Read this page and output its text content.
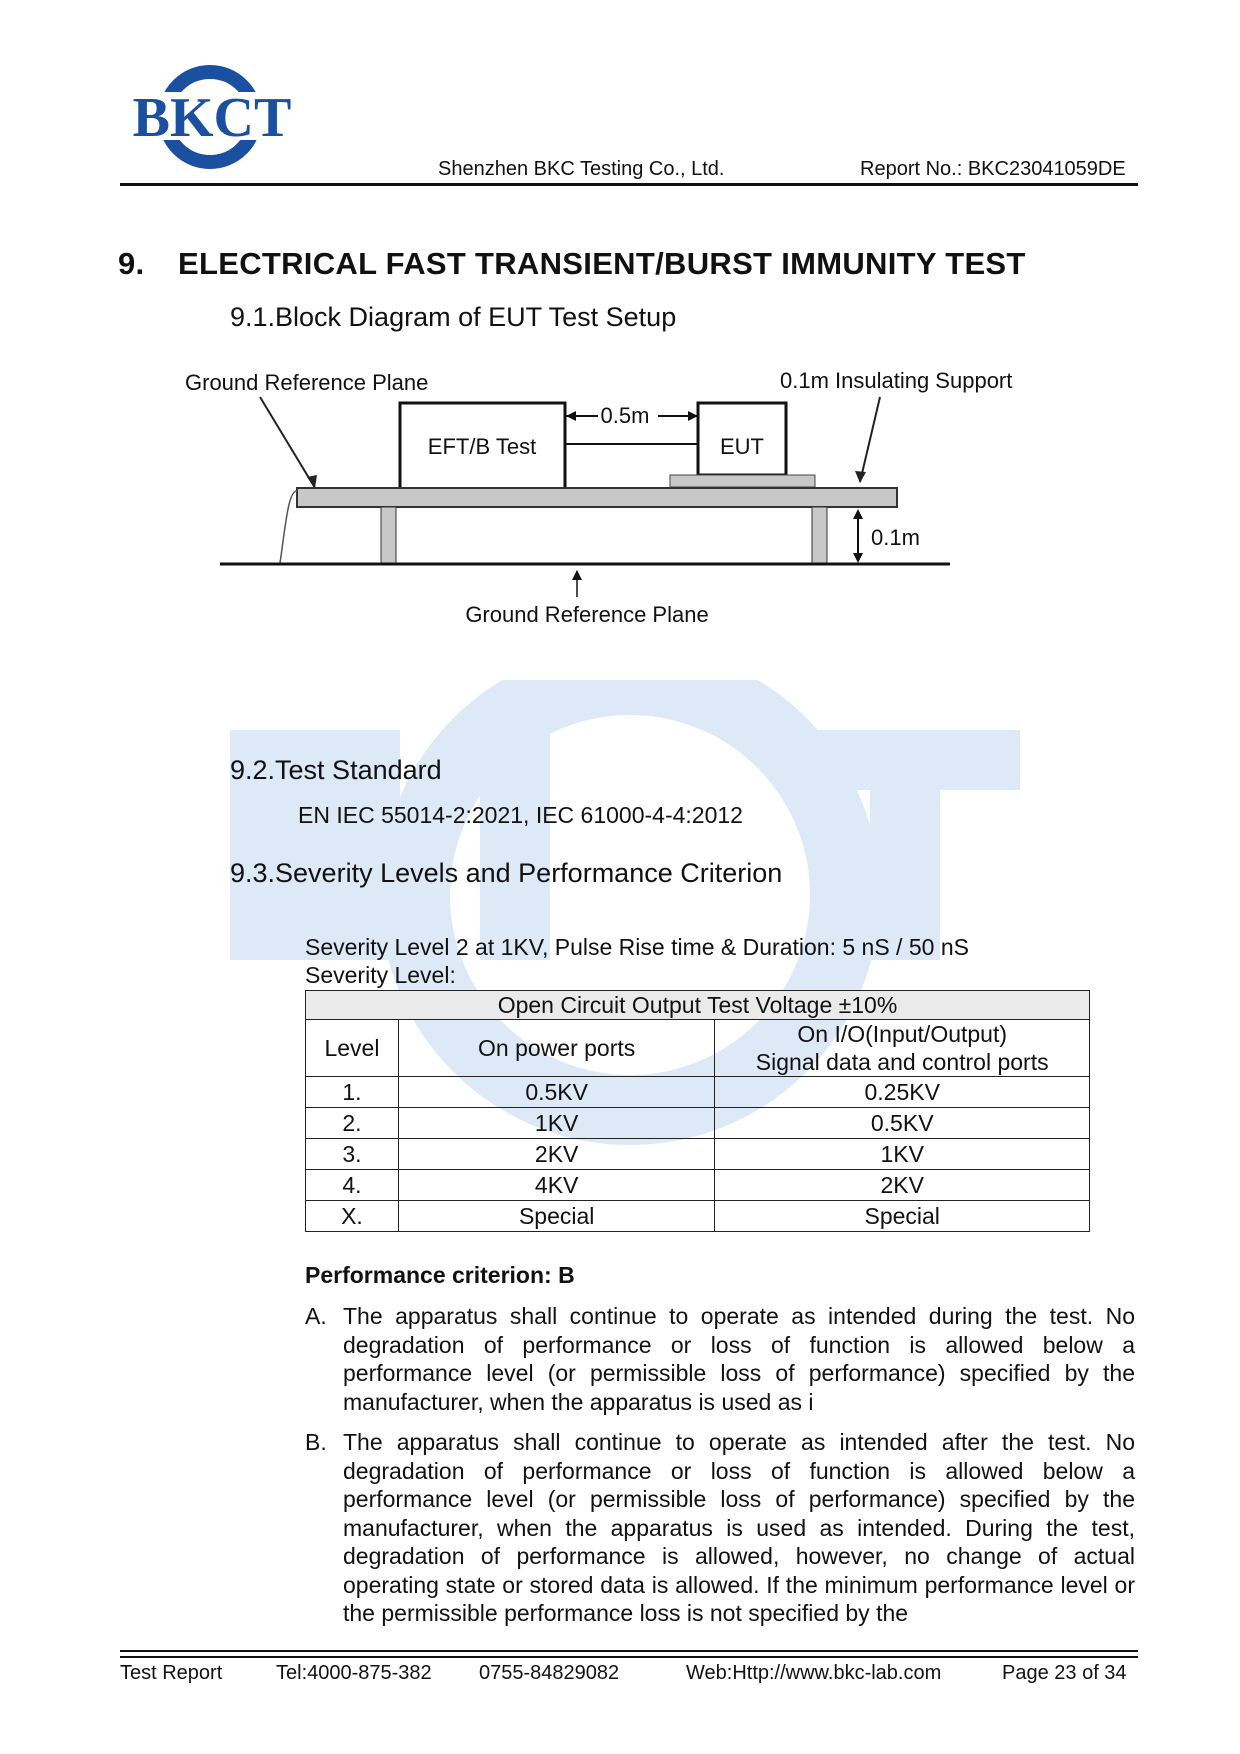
BKCT
Shenzhen BKC Testing Co., Ltd.	Report No.: BKC23041059DE
9. ELECTRICAL FAST TRANSIENT/BURST IMMUNITY TEST
9.1.Block Diagram of EUT Test Setup
Ground Reference Plane	0.1m Insulating Support
EFT/B Test
0.5m
EUT
0.1m
Ground Reference Plane
9.2.Test Standard
EN IEC 55014-2:2021, IEC 61000-4-4:2012
9.3.Severity Levels and Performance Criterion
Severity Level 2 at 1KV, Pulse Rise time & Duration: 5 nS / 50 nS
Severity Level:
Open Circuit Output Test Voltage ±10%		
Level	On power ports	On I/O(Input/Output)
Signal data and control ports

1.	0.5KV	0.25KV
2.	1KV	0.5KV
3.	2KV	1KV
4.	4KV	2KV
X.	Special	Special
Performance criterion: B
A. The apparatus shall continue to operate as intended during the test. No degradation of performance or loss of function is allowed below a performance level (or permissible loss of performance) specified by the manufacturer, when the apparatus is used as i
B. The apparatus shall continue to operate as intended after the test. No degradation of performance or loss of function is allowed below a performance level (or permissible loss of performance) specified by the manufacturer, when the apparatus is used as intended. During the test, degradation of performance is allowed, however, no change of actual operating state or stored data is allowed. If the minimum performance level or the permissible performance loss is not specified by the
Test Report	Tel:4000-875-382 0755-84829082	Web:Http://www.bkc-lab.com	Page 23 of 34
